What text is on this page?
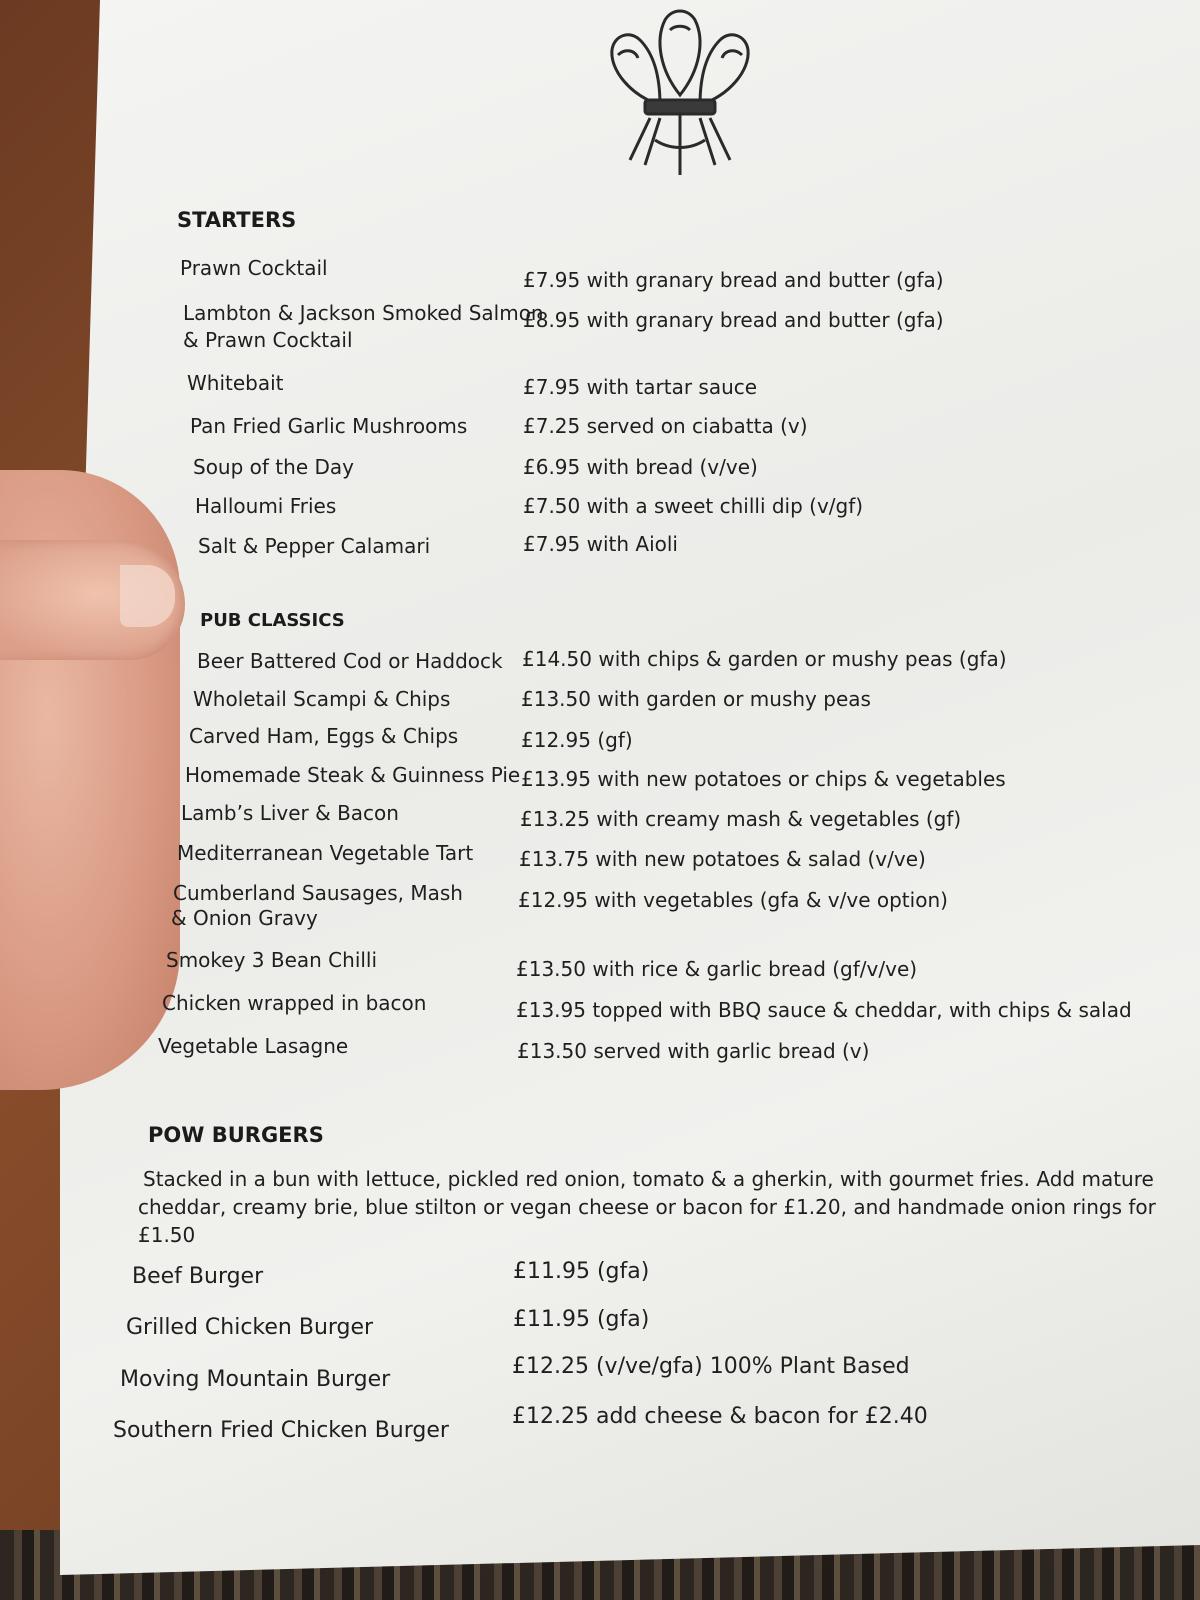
STARTERS
Prawn Cocktail	£7.95 with granary bread and butter (gfa)
Lambton & Jackson Smoked Salmon
& Prawn Cocktail
£8.95 with granary bread and butter (gfa)
Whitebait	£7.95 with tartar sauce
Pan Fried Garlic Mushrooms	£7.25 served on ciabatta (v)
Soup of the Day	£6.95 with bread (v/ve)
Halloumi Fries	£7.50 with a sweet chilli dip (v/gf)
Salt & Pepper Calamari	£7.95 with Aioli
PUB CLASSICS
Beer Battered Cod or Haddock £14.50 with chips & garden or mushy peas (gfa)
Wholetail Scampi & Chips	£13.50 with garden or mushy peas
Carved Ham, Eggs & Chips	£12.95 (gf)
Homemade Steak & Guinness Pie £13.95 with new potatoes or chips & vegetables
Lamb’s Liver & Bacon	£13.25 with creamy mash & vegetables (gf)
Mediterranean Vegetable Tart £13.75 with new potatoes & salad (v/ve)
Cumberland Sausages, Mash
& Onion Gravy
£12.95 with vegetables (gfa & v/ve option)
Smokey 3 Bean Chilli	£13.50 with rice & garlic bread (gf/v/ve)
Chicken wrapped in bacon	£13.95 topped with BBQ sauce & cheddar, with chips & salad
Vegetable Lasagne	£13.50 served with garlic bread (v)
POW BURGERS
Stacked in a bun with lettuce, pickled red onion, tomato & a gherkin, with gourmet fries. Add mature
cheddar, creamy brie, blue stilton or vegan cheese or bacon for £1.20, and handmade onion rings for £1.50
Beef Burger	£11.95 (gfa)
Grilled Chicken Burger	£11.95 (gfa)
Moving Mountain Burger
£12.25 (v/ve/gfa) 100% Plant Based
Southern Fried Chicken Burger
£12.25 add cheese & bacon for £2.40
